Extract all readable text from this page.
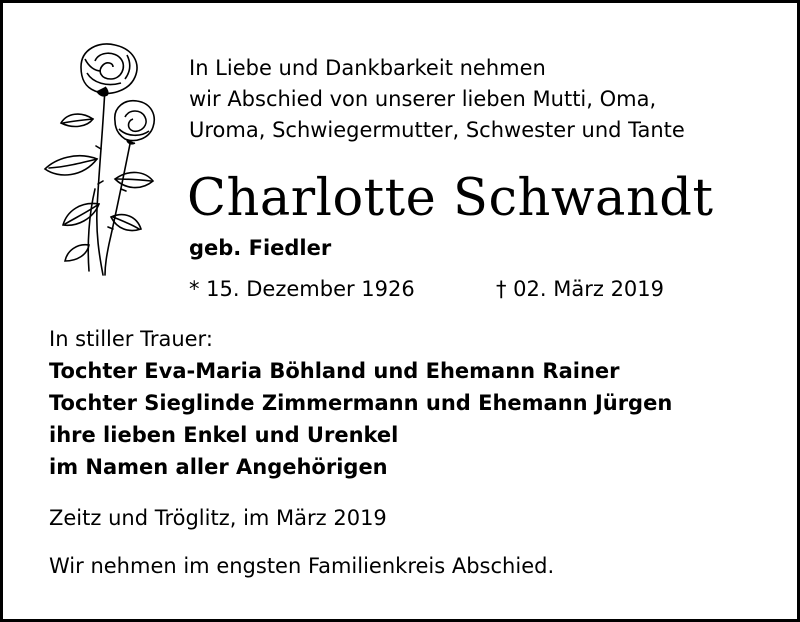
In Liebe und Dankbarkeit nehmen
wir Abschied von unserer lieben Mutti, Oma,
Uroma, Schwiegermutter, Schwester und Tante
Charlotte Schwandt
geb. Fiedler
* 15. Dezember 1926	† 02. März 2019
In stiller Trauer:
Tochter Eva-Maria Böhland und Ehemann Rainer
Tochter Sieglinde Zimmermann und Ehemann Jürgen
ihre lieben Enkel und Urenkel
im Namen aller Angehörigen
Zeitz und Tröglitz, im März 2019
Wir nehmen im engsten Familienkreis Abschied.
